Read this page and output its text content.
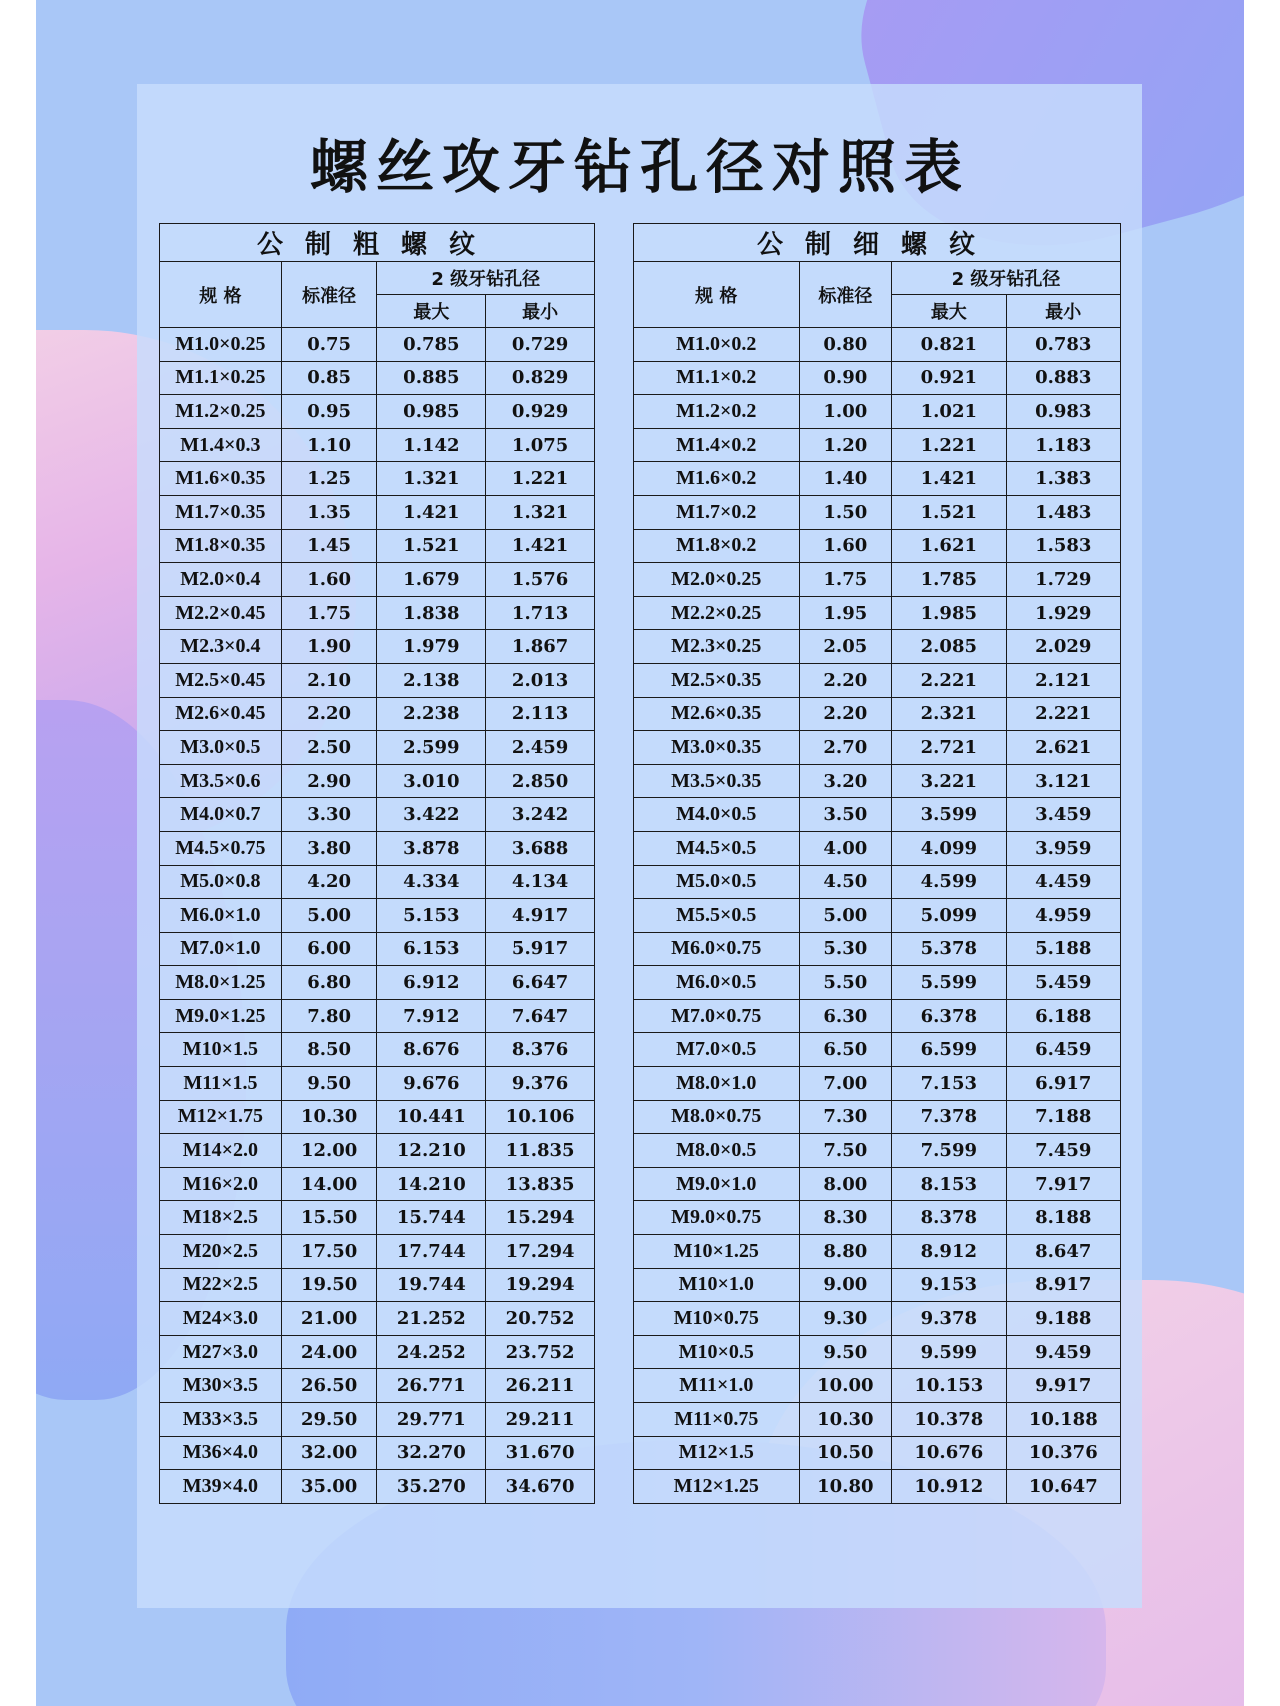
螺丝攻牙钻孔径对照表
公制粗螺纹			
规 格	标准径	2 级牙钻孔径	
		最大	最小
M1.0×0.25	0.75	0.785	0.729
M1.1×0.25	0.85	0.885	0.829
M1.2×0.25	0.95	0.985	0.929
M1.4×0.3	1.10	1.142	1.075
M1.6×0.35	1.25	1.321	1.221
M1.7×0.35	1.35	1.421	1.321
M1.8×0.35	1.45	1.521	1.421
M2.0×0.4	1.60	1.679	1.576
M2.2×0.45	1.75	1.838	1.713
M2.3×0.4	1.90	1.979	1.867
M2.5×0.45	2.10	2.138	2.013
M2.6×0.45	2.20	2.238	2.113
M3.0×0.5	2.50	2.599	2.459
M3.5×0.6	2.90	3.010	2.850
M4.0×0.7	3.30	3.422	3.242
M4.5×0.75	3.80	3.878	3.688
M5.0×0.8	4.20	4.334	4.134
M6.0×1.0	5.00	5.153	4.917
M7.0×1.0	6.00	6.153	5.917
M8.0×1.25	6.80	6.912	6.647
M9.0×1.25	7.80	7.912	7.647
M10×1.5	8.50	8.676	8.376
M11×1.5	9.50	9.676	9.376
M12×1.75	10.30	10.441	10.106
M14×2.0	12.00	12.210	11.835
M16×2.0	14.00	14.210	13.835
M18×2.5	15.50	15.744	15.294
M20×2.5	17.50	17.744	17.294
M22×2.5	19.50	19.744	19.294
M24×3.0	21.00	21.252	20.752
M27×3.0	24.00	24.252	23.752
M30×3.5	26.50	26.771	26.211
M33×3.5	29.50	29.771	29.211
M36×4.0	32.00	32.270	31.670
M39×4.0	35.00	35.270	34.670
公制细螺纹			
规 格	标准径	2 级牙钻孔径	
		最大	最小
M1.0×0.2	0.80	0.821	0.783
M1.1×0.2	0.90	0.921	0.883
M1.2×0.2	1.00	1.021	0.983
M1.4×0.2	1.20	1.221	1.183
M1.6×0.2	1.40	1.421	1.383
M1.7×0.2	1.50	1.521	1.483
M1.8×0.2	1.60	1.621	1.583
M2.0×0.25	1.75	1.785	1.729
M2.2×0.25	1.95	1.985	1.929
M2.3×0.25	2.05	2.085	2.029
M2.5×0.35	2.20	2.221	2.121
M2.6×0.35	2.20	2.321	2.221
M3.0×0.35	2.70	2.721	2.621
M3.5×0.35	3.20	3.221	3.121
M4.0×0.5	3.50	3.599	3.459
M4.5×0.5	4.00	4.099	3.959
M5.0×0.5	4.50	4.599	4.459
M5.5×0.5	5.00	5.099	4.959
M6.0×0.75	5.30	5.378	5.188
M6.0×0.5	5.50	5.599	5.459
M7.0×0.75	6.30	6.378	6.188
M7.0×0.5	6.50	6.599	6.459
M8.0×1.0	7.00	7.153	6.917
M8.0×0.75	7.30	7.378	7.188
M8.0×0.5	7.50	7.599	7.459
M9.0×1.0	8.00	8.153	7.917
M9.0×0.75	8.30	8.378	8.188
M10×1.25	8.80	8.912	8.647
M10×1.0	9.00	9.153	8.917
M10×0.75	9.30	9.378	9.188
M10×0.5	9.50	9.599	9.459
M11×1.0	10.00	10.153	9.917
M11×0.75	10.30	10.378	10.188
M12×1.5	10.50	10.676	10.376
M12×1.25	10.80	10.912	10.647
